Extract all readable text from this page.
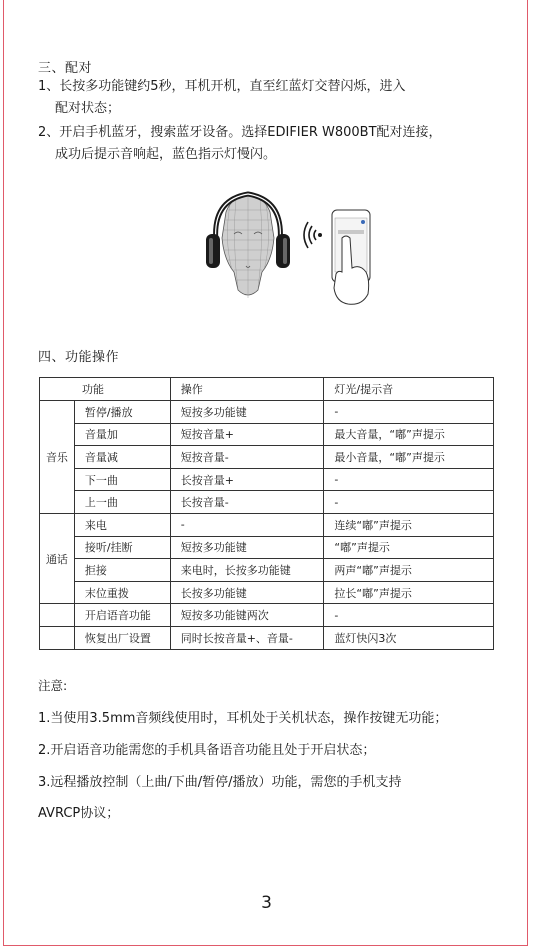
三、配对
1、长按多功能键约5秒，耳机开机，直至红蓝灯交替闪烁，进入
配对状态；
2、开启手机蓝牙，搜索蓝牙设备。选择EDIFIER W800BT配对连接，
成功后提示音响起，蓝色指示灯慢闪。
四、功能操作
功能		操作	灯光/提示音
音乐	暂停/播放	短按多功能键	-
	音量加	短按音量+	最大音量，“嘟”声提示
	音量减	短按音量-	最小音量，“嘟”声提示
	下一曲	长按音量+	-
	上一曲	长按音量-	-
通话	来电	-	连续“嘟”声提示
	接听/挂断	短按多功能键	“嘟”声提示
	拒接	来电时，长按多功能键	两声“嘟”声提示
	末位重拨	长按多功能键	拉长“嘟”声提示
	开启语音功能	短按多功能键两次	-
	恢复出厂设置	同时长按音量+、音量-	蓝灯快闪3次
注意:
1.当使用3.5mm音频线使用时，耳机处于关机状态，操作按键无功能；
2.开启语音功能需您的手机具备语音功能且处于开启状态；
3.远程播放控制（上曲/下曲/暂停/播放）功能，需您的手机支持
AVRCP协议；
3
